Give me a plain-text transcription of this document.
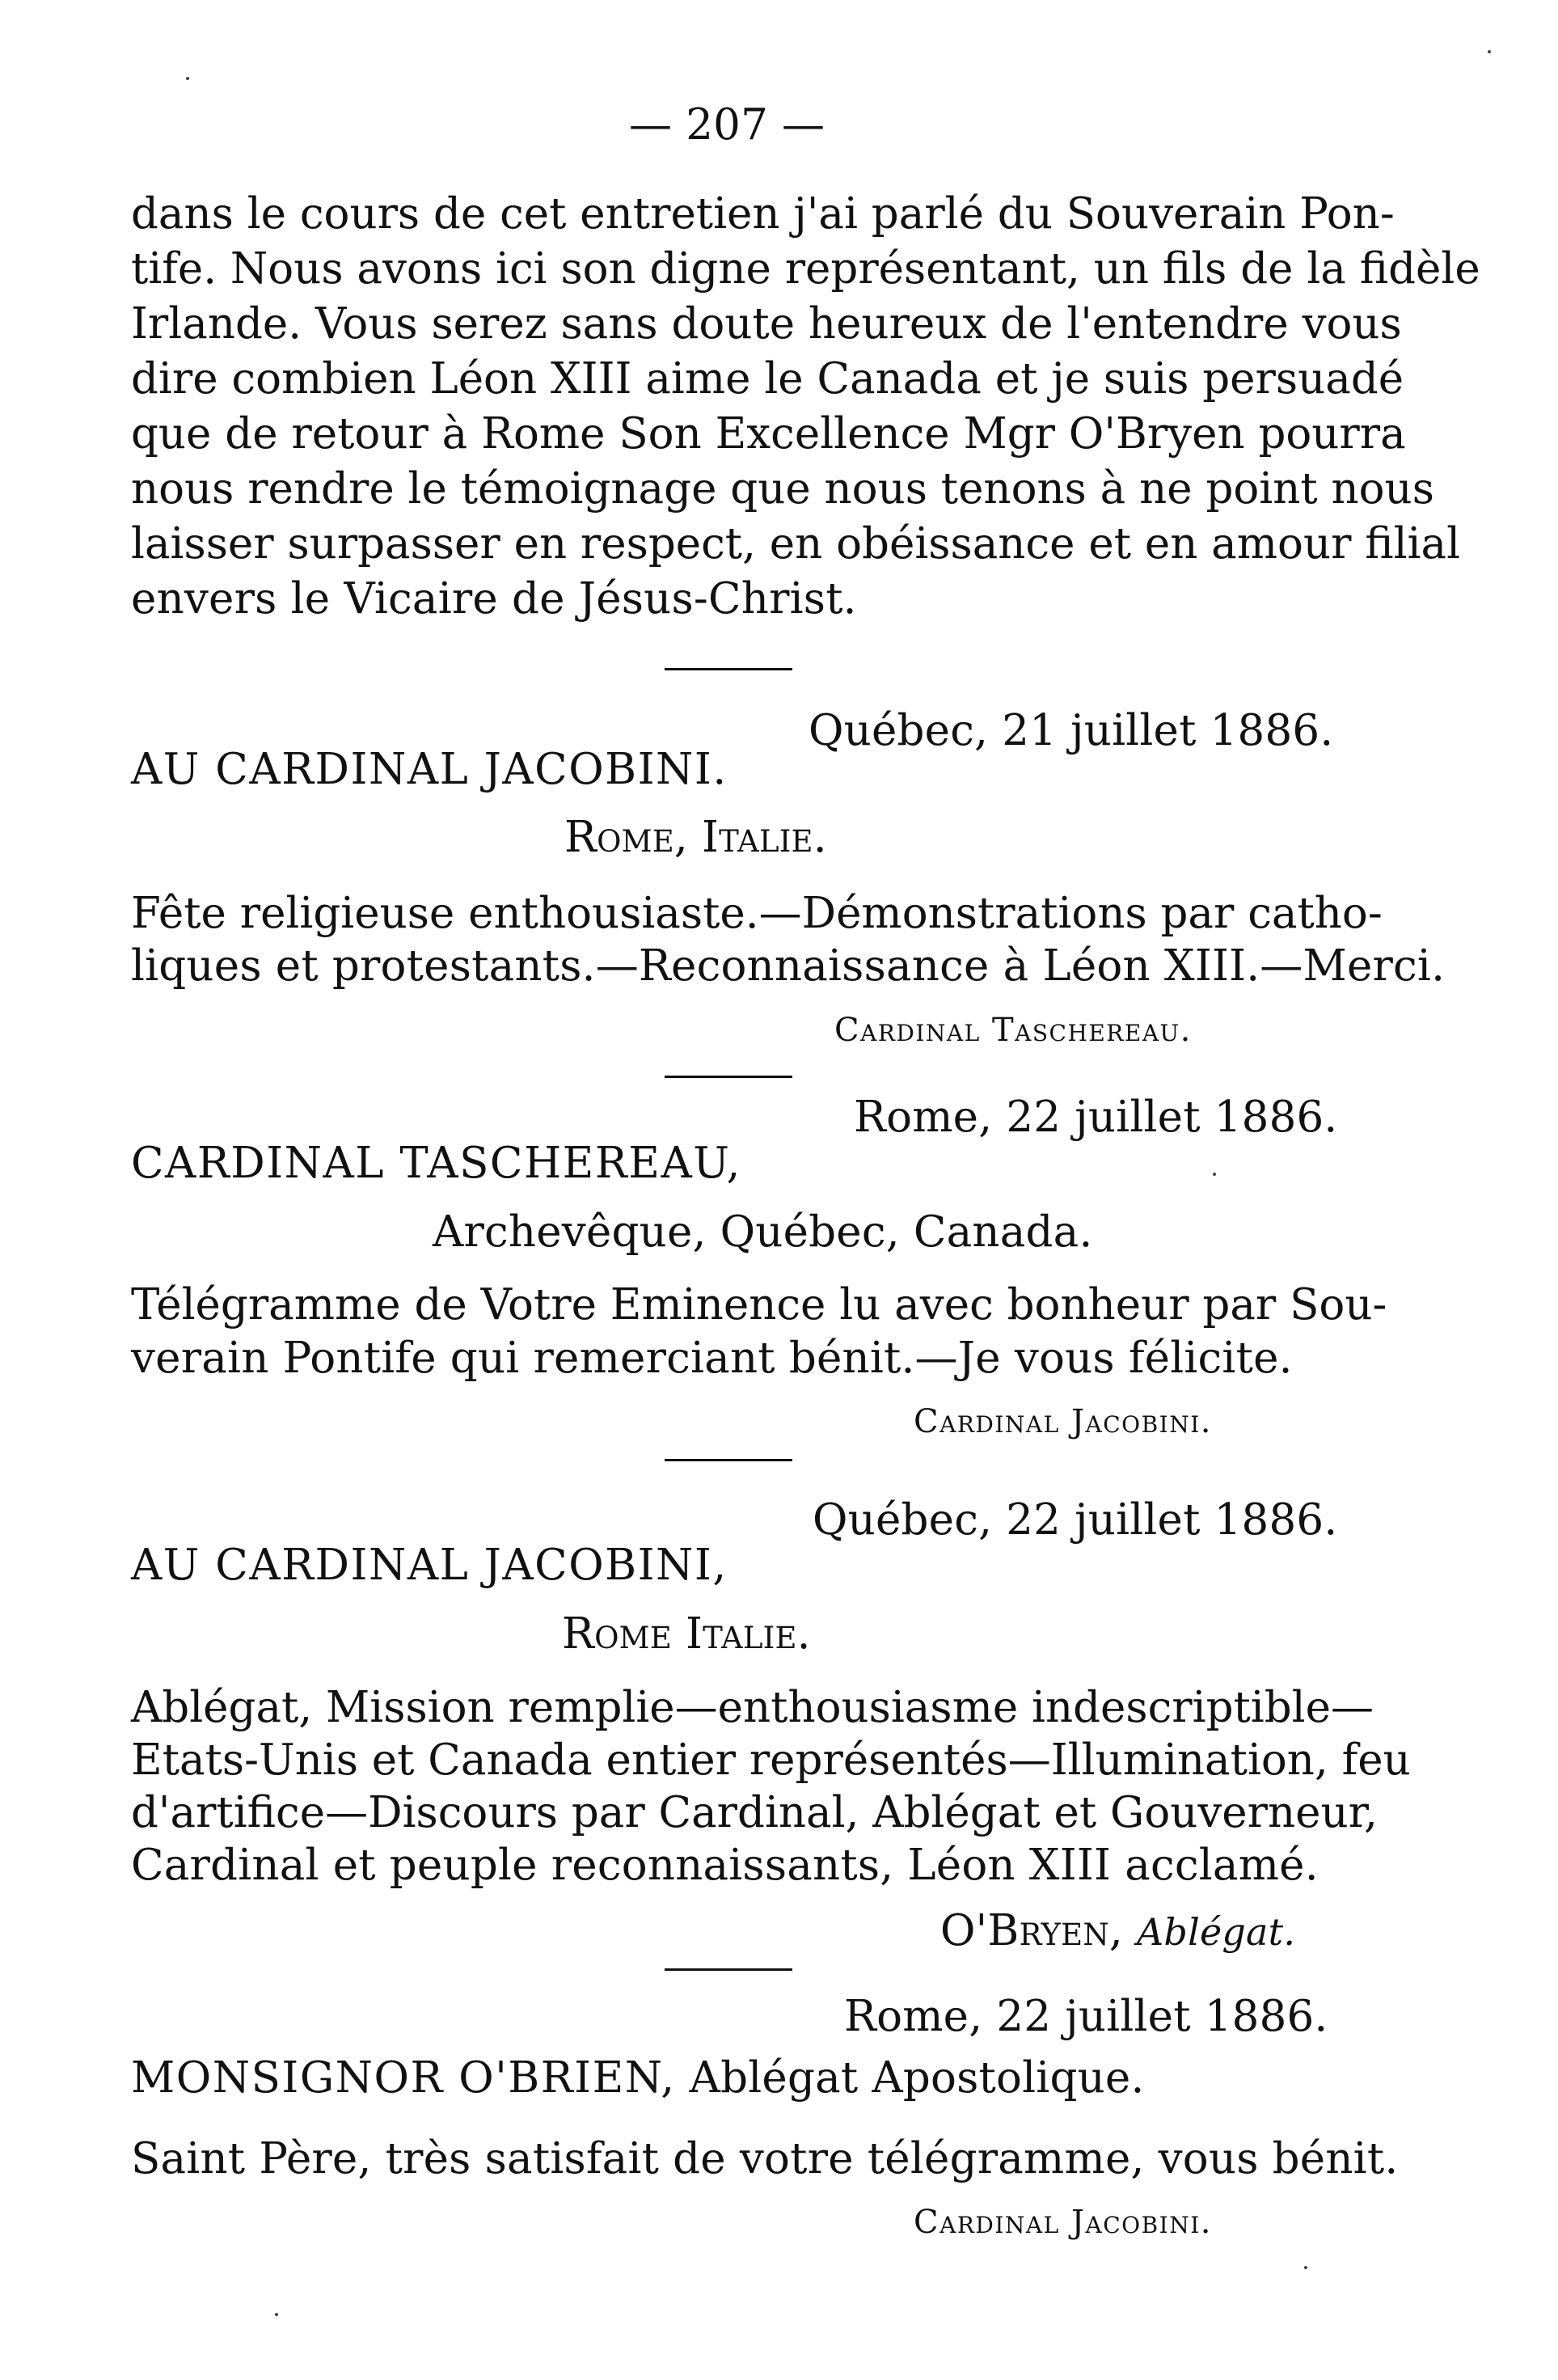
— 207 —
dans le cours de cet entretien j'ai parlé du Souverain Pon-
tife. Nous avons ici son digne représentant, un fils de la fidèle
Irlande. Vous serez sans doute heureux de l'entendre vous
dire combien Léon XIII aime le Canada et je suis persuadé
que de retour à Rome Son Excellence Mgr O'Bryen pourra
nous rendre le témoignage que nous tenons à ne point nous
laisser surpasser en respect, en obéissance et en amour filial
envers le Vicaire de Jésus-Christ.
Québec, 21 juillet 1886.
AU CARDINAL JACOBINI.
Rome, Italie.
Fête religieuse enthousiaste.—Démonstrations par catho-
liques et protestants.—Reconnaissance à Léon XIII.—Merci.
Cardinal Taschereau.
Rome, 22 juillet 1886.
CARDINAL TASCHEREAU,
Archevêque, Québec, Canada.
Télégramme de Votre Eminence lu avec bonheur par Sou-
verain Pontife qui remerciant bénit.—Je vous félicite.
Cardinal Jacobini.
Québec, 22 juillet 1886.
AU CARDINAL JACOBINI,
Rome Italie.
Ablégat, Mission remplie—enthousiasme indescriptible—
Etats-Unis et Canada entier représentés—Illumination, feu
d'artifice—Discours par Cardinal, Ablégat et Gouverneur,
Cardinal et peuple reconnaissants, Léon XIII acclamé.
O'Bryen, Ablégat.
Rome, 22 juillet 1886.
MONSIGNOR O'BRIEN, Ablégat Apostolique.
Saint Père, très satisfait de votre télégramme, vous bénit.
Cardinal Jacobini.
